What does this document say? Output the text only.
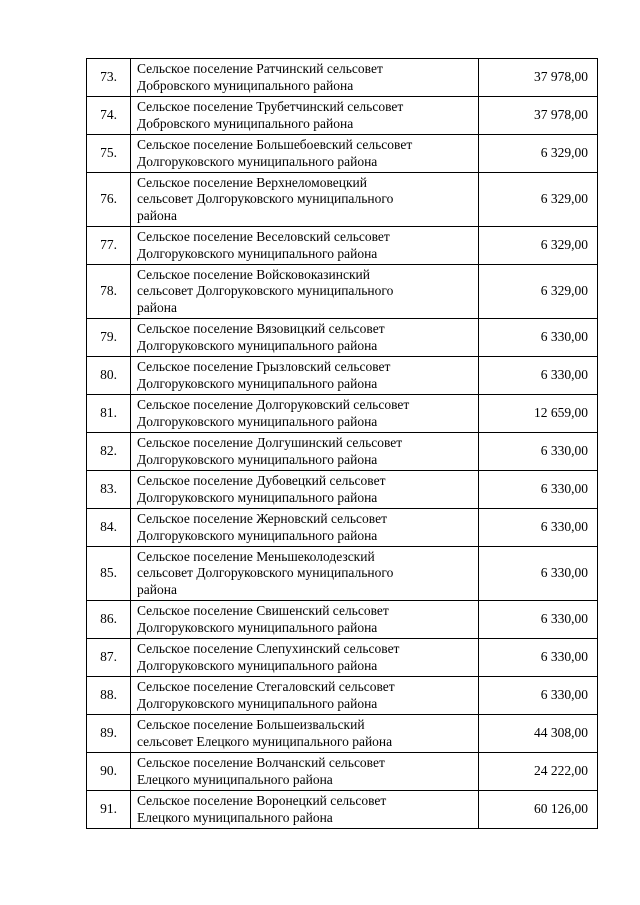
73.	Сельское поселение Ратчинский сельсовет
Добровского муниципального района	37 978,00
74.	Сельское поселение Трубетчинский сельсовет
Добровского муниципального района	37 978,00
75.	Сельское поселение Большебоевский сельсовет
Долгоруковского муниципального района	6 329,00
76.	Сельское поселение Верхнеломовецкий
сельсовет Долгоруковского муниципального
района	6 329,00
77.	Сельское поселение Веселовский сельсовет
Долгоруковского муниципального района	6 329,00
78.	Сельское поселение Войсковоказинский
сельсовет Долгоруковского муниципального
района	6 329,00
79.	Сельское поселение Вязовицкий сельсовет
Долгоруковского муниципального района	6 330,00
80.	Сельское поселение Грызловский сельсовет
Долгоруковского муниципального района	6 330,00
81.	Сельское поселение Долгоруковский сельсовет
Долгоруковского муниципального района	12 659,00
82.	Сельское поселение Долгушинский сельсовет
Долгоруковского муниципального района	6 330,00
83.	Сельское поселение Дубовецкий сельсовет
Долгоруковского муниципального района	6 330,00
84.	Сельское поселение Жерновский сельсовет
Долгоруковского муниципального района	6 330,00
85.	Сельское поселение Меньшеколодезский
сельсовет Долгоруковского муниципального
района	6 330,00
86.	Сельское поселение Свишенский сельсовет
Долгоруковского муниципального района	6 330,00
87.	Сельское поселение Слепухинский сельсовет
Долгоруковского муниципального района	6 330,00
88.	Сельское поселение Стегаловский сельсовет
Долгоруковского муниципального района	6 330,00
89.	Сельское поселение Большеизвальский
сельсовет Елецкого муниципального района	44 308,00
90.	Сельское поселение Волчанский сельсовет
Елецкого муниципального района	24 222,00
91.	Сельское поселение Воронецкий сельсовет
Елецкого муниципального района	60 126,00
